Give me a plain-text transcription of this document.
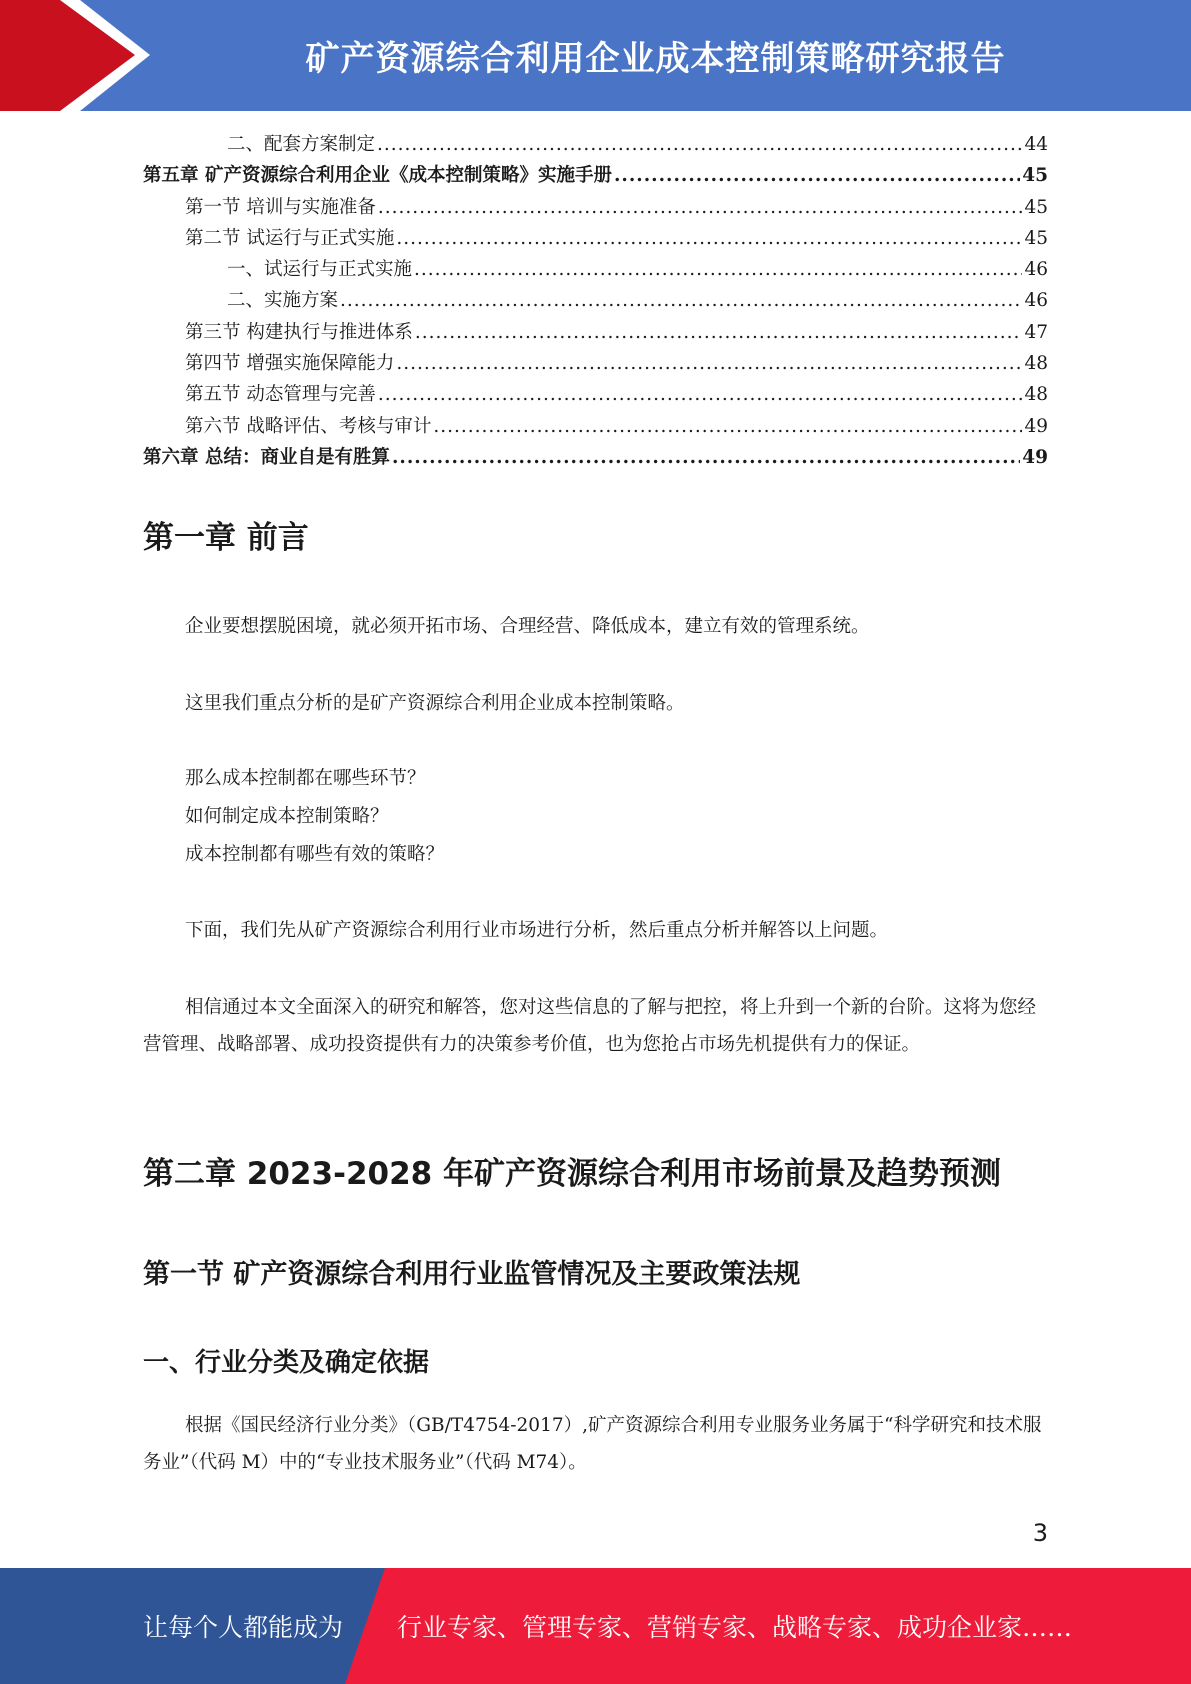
矿产资源综合利用企业成本控制策略研究报告
二、配套方案制定 .....	44
第五章 矿产资源综合利用企业《成本控制策略》实施手册 .....	45
第一节 培训与实施准备 .....	45
第二节 试运行与正式实施 .....	45
一、试运行与正式实施 .....	46
二、实施方案 .....	46
第三节 构建执行与推进体系 .....	47
第四节 增强实施保障能力 .....	48
第五节 动态管理与完善 .....	48
第六节 战略评估、考核与审计 .....	49
第六章 总结：商业自是有胜算 .....	49
第一章 前言

企业要想摆脱困境，就必须开拓市场、合理经营、降低成本，建立有效的管理系统。

这里我们重点分析的是矿产资源综合利用企业成本控制策略。

那么成本控制都在哪些环节？

如何制定成本控制策略？

成本控制都有哪些有效的策略？

下面，我们先从矿产资源综合利用行业市场进行分析，然后重点分析并解答以上问题。

相信通过本文全面深入的研究和解答，您对这些信息的了解与把控，将上升到一个新的台阶。这将为您经营管理、战略部署、成功投资提供有力的决策参考价值，也为您抢占市场先机提供有力的保证。

第二章 2023-2028 年矿产资源综合利用市场前景及趋势预测
第一节 矿产资源综合利用行业监管情况及主要政策法规
一、行业分类及确定依据

根据《国民经济行业分类》（GB/T4754-2017）,矿产资源综合利用专业服务业务属于“科学研究和技术服务业”（代码 M）中的“专业技术服务业”（代码 M74）。

3
让每个人都能成为 行业专家、管理专家、营销专家、战略专家、成功企业家……
